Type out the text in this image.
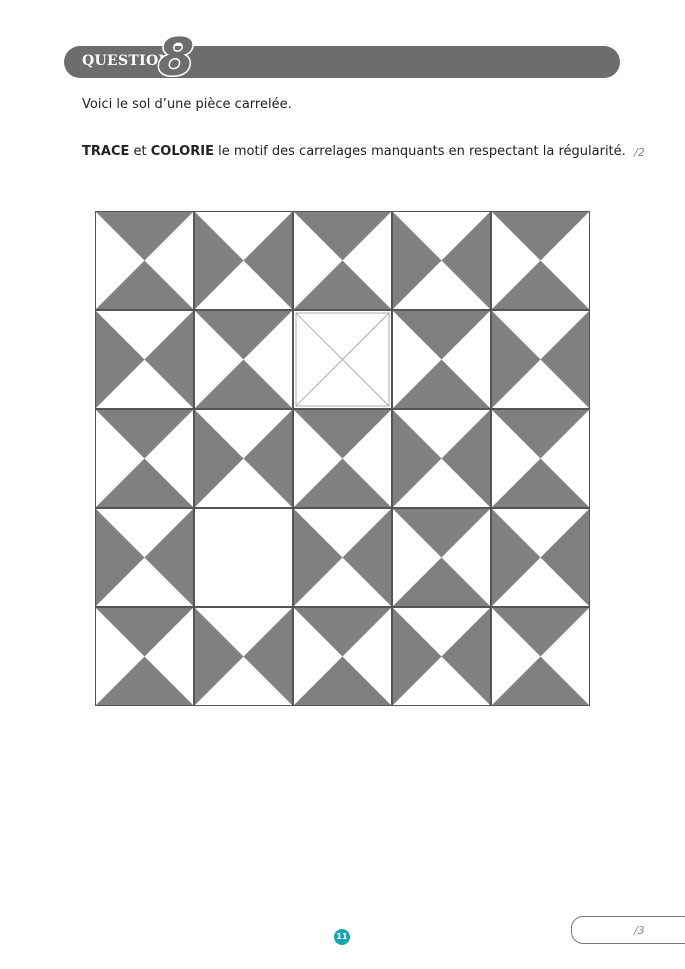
QUESTION
8
Voici le sol d’une pièce carrelée.
TRACE et COLORIE le motif des carrelages manquants en respectant la régularité. /2
/3
11
